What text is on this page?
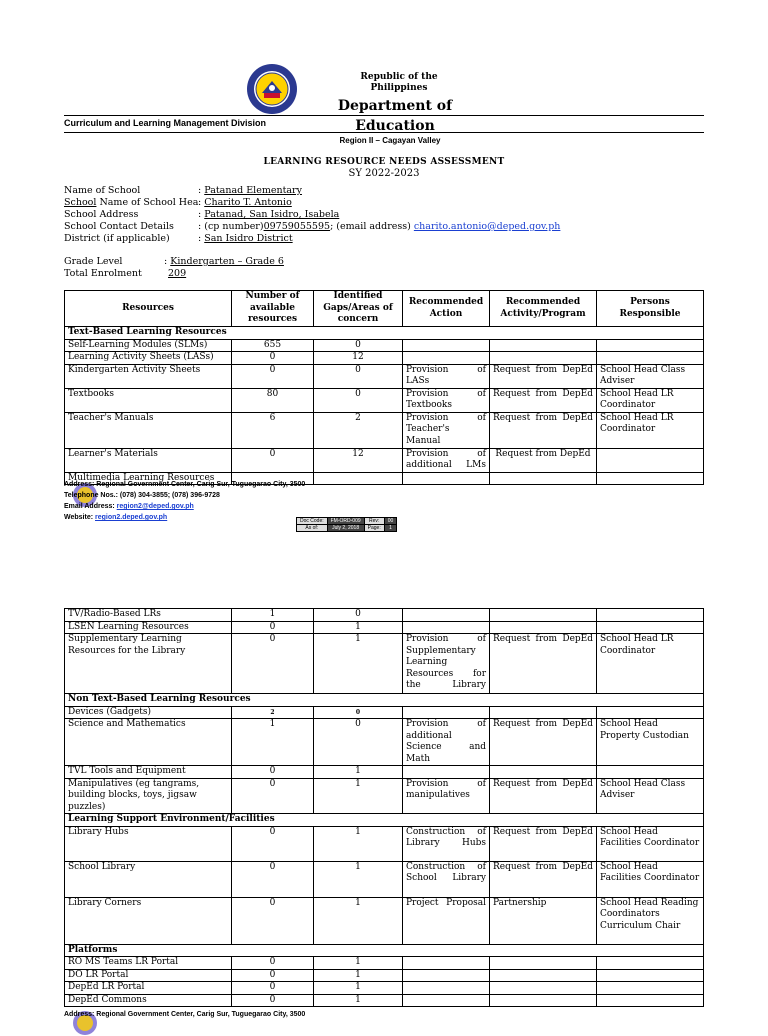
Republic of the Philippines
Department of Education
Curriculum and Learning Management Division
Region II – Cagayan Valley
LEARNING RESOURCE NEEDS ASSESSMENT
SY 2022-2023
Name of School	: Patanad Elementary
School Name of School Hea: Charito T. Antonio
School Address	: Patanad, San Isidro, Isabela
School Contact Details	: (cp number)09759055595; (email address) charito.antonio@deped.gov.ph
District (if applicable)	: San Isidro District
Grade Level	: Kindergarten – Grade 6
Total Enrolment	209
Resources	Number of available resources	Identified Gaps/Areas of concern	Recommended Action	Recommended Activity/Program	Persons Responsible
Text-Based Learning Resources					
Self-Learning Modules (SLMs)	655	0			
Learning Activity Sheets (LASs)	0	12			
Kindergarten Activity Sheets	0	0	Provision of LASs	Request from DepEd	School Head Class Adviser
Textbooks	80	0	Provision of Textbooks	Request from DepEd	School Head LR Coordinator
Teacher's Manuals	6	2	Provision of Teacher's Manual	Request from DepEd	School Head LR Coordinator
Learner's Materials	0	12	Provision of additional LMs	Request from DepEd	
Multimedia Learning Resources					
Address: Regional Government Center, Carig Sur, Tuguegarao City, 3500
Telephone Nos.: (078) 304-3855; (078) 396-9728
Email Address: region2@deped.gov.ph
Website: region2.deped.gov.ph	Doc Code:	FM-ORD-009	Rev:	00
As of:	July 2, 2018	Page:	1
TV/Radio-Based LRs	1	0			
LSEN Learning Resources	0	1			
Supplementary Learning Resources for the Library	0	1	Provision of Supplementary Learning Resources for the Library	Request from DepEd	School Head LR Coordinator
Non Text-Based Learning Resources					
Devices (Gadgets)	2	0			
Science and Mathematics	1	0	Provision of additional Science and Math	Request from DepEd	School Head Property Custodian
TVL Tools and Equipment	0	1			
Manipulatives (eg tangrams, building blocks, toys, jigsaw puzzles)	0	1	Provision of manipulatives	Request from DepEd	School Head Class Adviser
Learning Support Environment/Facilities					
Library Hubs	0	1	Construction of Library Hubs	Request from DepEd	School Head Facilities Coordinator
School Library	0	1	Construction of School Library	Request from DepEd	School Head Facilities Coordinator
Library Corners	0	1	Project Proposal	Partnership	School Head Reading Coordinators Curriculum Chair
Platforms					
RO MS Teams LR Portal	0	1			
DO LR Portal	0	1			
DepEd LR Portal	0	1			
DepEd Commons	0	1			
Address: Regional Government Center, Carig Sur, Tuguegarao City, 3500
